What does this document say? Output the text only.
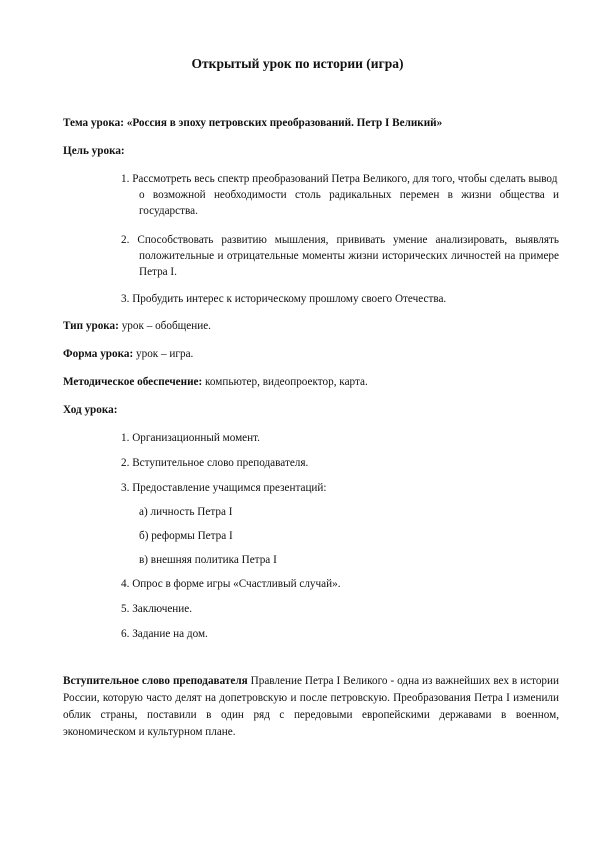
Открытый урок по истории (игра)
Тема урока: «Россия в эпоху петровских преобразований. Петр I Великий»
Цель урока:
1. Рассмотреть весь спектр преобразований Петра Великого, для того, чтобы сделать вывод
о возможной необходимости столь радикальных перемен в жизни общества и
государства.
2. Способствовать развитию мышления, прививать умение анализировать, выявлять
положительные и отрицательные моменты жизни исторических личностей на примере
Петра I.
3. Пробудить интерес к историческому прошлому своего Отечества.
Тип урока: урок – обобщение.
Форма урока: урок – игра.
Методическое обеспечение: компьютер, видеопроектор, карта.
Ход урока:
1. Организационный момент.
2. Вступительное слово преподавателя.
3. Предоставление учащимся презентаций:
а) личность Петра I
б) реформы Петра I
в) внешняя политика Петра I
4. Опрос в форме игры «Счастливый случай».
5. Заключение.
6. Задание на дом.
Вступительное слово преподавателя Правление Петра I Великого - одна из важнейших вех в истории России, которую часто делят на допетровскую и после петровскую. Преобразования Петра I изменили облик страны, поставили в один ряд с передовыми европейскими державами в военном, экономическом и культурном плане.
